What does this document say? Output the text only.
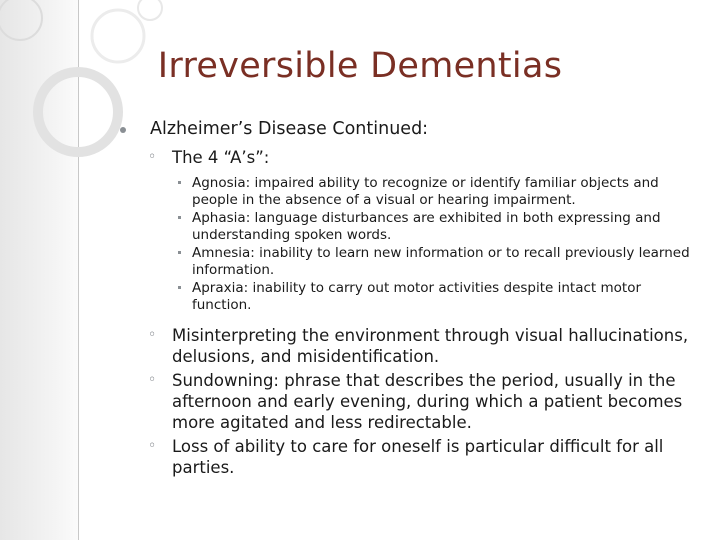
Irreversible Dementias
Alzheimer’s Disease Continued:
◦ The 4 “A’s”:
Agnosia: impaired ability to recognize or identify familiar objects and people in the absence of a visual or hearing impairment.
Aphasia: language disturbances are exhibited in both expressing and understanding spoken words.
Amnesia: inability to learn new information or to recall previously learned information.
Apraxia: inability to carry out motor activities despite intact motor function.
◦ Misinterpreting the environment through visual hallucinations, delusions, and misidentification.
◦ Sundowning: phrase that describes the period, usually in the afternoon and early evening, during which a patient becomes more agitated and less redirectable.
◦ Loss of ability to care for oneself is particular difficult for all parties.
